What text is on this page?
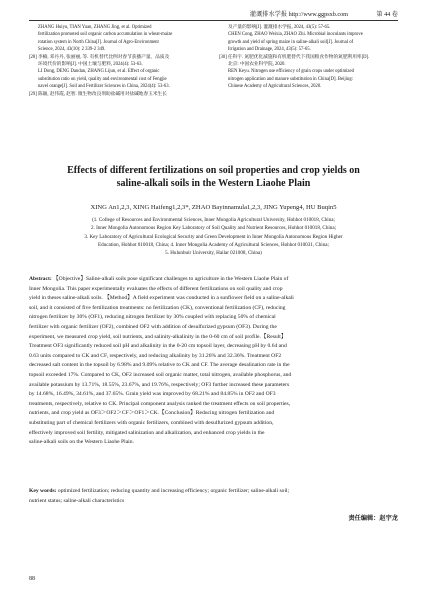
灌溉排水学报 http://www.ggpsxb.com	第 44 卷

ZHANG Huiyu, TIAN Yuan, ZHANG Jing, et al. Optimized

fertilization promoted soil organic carbon accumulation in wheat-maize

rotation system in North China[J]. Journal of Agro-Environment

Science, 2024, 43(10): 2 339-2 349.

[28] 李楠, 邓丹丹, 张丽丽, 等. 有机替代比例对春节获播产量、品质及

环境代价的影响[J]. 中国土壤与肥料, 2024(4): 53-63.

LI Dong, DENG Dandan, ZHANG Lijun, et al. Effect of organic

substitution ratio on yield, quality and environmental cost of Fengjie

navel orange[J]. Soil and Fertilizer Sciences in China, 2024(4): 53-63.

[29] 陈颖, 赵伟霞, 赵智. 微生物改良剂助盐碱用对盐碱地春玉米生长

及产量的影响[J]. 灌溉排水学报, 2024, 43(5): 57-65.

CHEN Cong, ZHAO Weixia, ZHAO Zhi. Microbial inoculants improve

growth and yield of spring maize in saline-alkali soil[J]. Journal of

Irrigation and Drainage, 2024, 43(5): 57-65.

[30] 任科宇. 氮肥优化减施和有机肥替代下我国粮食作物的氮肥利用率[D].

北京: 中国农业科学院, 2020.

REN Keyu. Nitrogen use efficiency of grain crops under optimized

nitrogen application and manure substitution in China[D]. Beijing:

Chinese Academy of Agricultural Sciences, 2020.

Effects of different fertilizations on soil properties and crop yields on
saline-alkali soils in the Western Liaohe Plain
XING An1,2,3, XING Haifeng1,2,3*, ZHAO Bayinnamula1,2,3, JING Yupeng4, HU Buqin5

(1. College of Resources and Environmental Sciences, Inner Mongolia Agricultural University, Hohhot 010018, China;

2. Inner Mongolia Autonomous Region Key Laboratory of Soil Quality and Nutrient Resources, Hohhot 010018, China;

3. Key Laboratory of Agricultural Ecological Security and Green Development in Inner Mongolia Autonomous Region Higher

Education, Hohhot 010018, China; 4. Inner Mongolia Academy of Agricultural Sciences, Hohhot 010031, China;

5. Hulunbuir University, Hailar 021008, China)

Abstract: 【Objective】Saline-alkali soils pose significant challenges to agriculture in the Western Liaohe Plain of

Inner Mongolia. This paper experimentally evaluates the effects of different fertilizations on soil quality and crop

yield in theses saline-alkali soils. 【Method】A field experiment was conducted in a sunflower field on a saline-alkali

soil, and it consisted of five fertilization treatments: no fertilization (CK), conventional fertilization (CF), reducing

nitrogen fertilizer by 30% (OF1), reducing nitrogen fertilizer by 30% coupled with replacing 50% of chemical

fertilizer with organic fertilizer (OF2), combined OF2 with addition of desulfurized gypsum (OF3). During the

experiment, we measured crop yield, soil nutrients, and salinity-alkalinity in the 0-60 cm of soil profile.【Result】

Treatment OF3 significantly reduced soil pH and alkalinity in the 0-20 cm topsoil layer, decreasing pH by 0.64 and

0.63 units compared to CK and CF, respectively, and reducing alkalinity by 31.26% and 32.36%. Treatment OF2

decreased salt content in the topsoil by 6.98% and 9.09% relative to CK and CF. The average desalination rate in the

topsoil exceeded 17%. Compared to CK, OF2 increased soil organic matter, total nitrogen, available phosphorus, and

available potassium by 13.71%, 18.55%, 23.67%, and 19.76%, respectively; OF3 further increased these parameters

by 14.68%, 16.49%, 34.61%, and 37.65%. Grain yield was improved by 68.21% and 84.85% in OF2 and OF3

treatments, respectively, relative to CK. Principal component analysis ranked the treatment effects on soil properties,

nutrients, and crop yield as OF3＞OF2＞CF＞OF1＞CK.【Conclusion】Reducing nitrogen fertilization and

substituting part of chemical fertilizers with organic fertilizers, combined with desulfurized gypsum addition,

effectively improved soil fertility, mitigated salinization and alkalization, and enhanced crop yields in the

saline-alkali soils on the Western Liaohe Plain.

Key words: optimized fertilization; reducing quantity and increasing efficiency; organic fertilizer; saline-alkali soil;

nutrient status; saline-alkali characteristics

责任编辑：赵宇龙
88
